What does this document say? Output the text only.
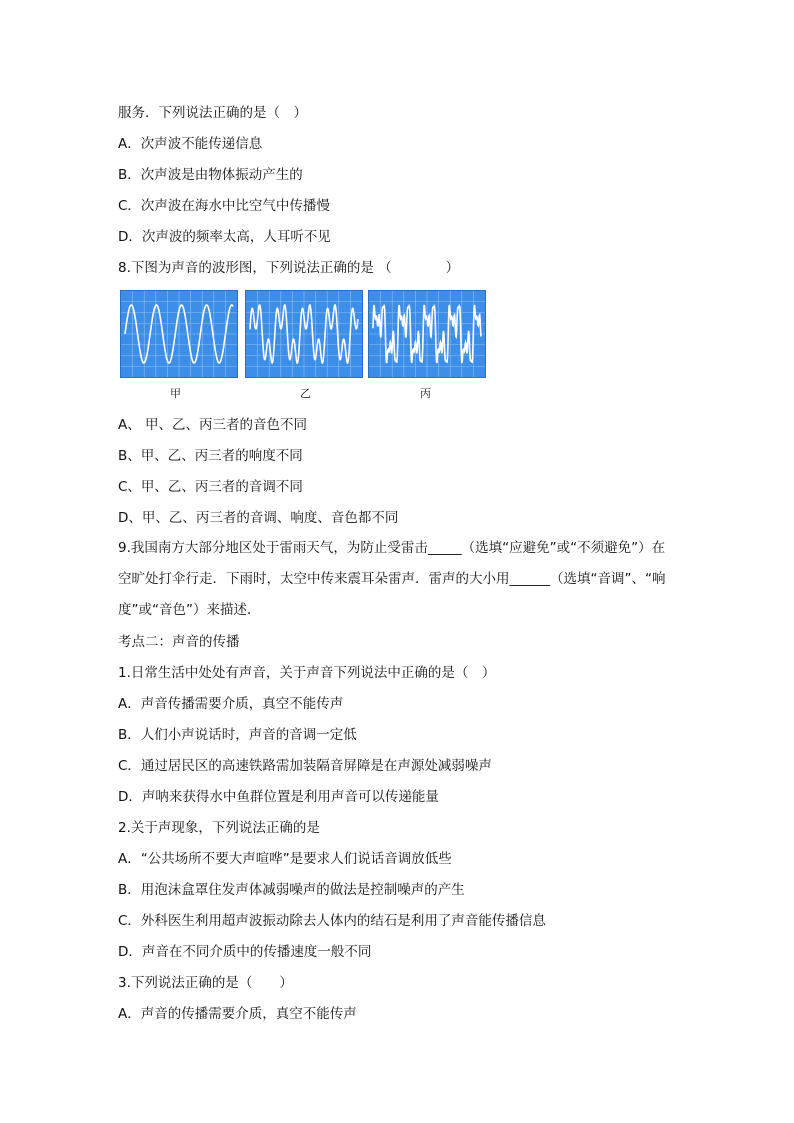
服务．下列说法正确的是（　）
A．次声波不能传递信息
B．次声波是由物体振动产生的
C．次声波在海水中比空气中传播慢
D．次声波的频率太高，人耳听不见
8.下图为声音的波形图，下列说法正确的是 （　　　　）
甲	乙	丙
A、 甲、乙、丙三者的音色不同
B、甲、乙、丙三者的响度不同
C、甲、乙、丙三者的音调不同
D、甲、乙、丙三者的音调、响度、音色都不同
9.我国南方大部分地区处于雷雨天气，为防止受雷击_____（选填“应避免”或“不须避免”）在空旷处打伞行走．下雨时，太空中传来震耳朵雷声．雷声的大小用______（选填“音调”、“响度”或“音色”）来描述．
考点二：声音的传播
1.日常生活中处处有声音，关于声音下列说法中正确的是（　）
A．声音传播需要介质，真空不能传声
B．人们小声说话时，声音的音调一定低
C．通过居民区的高速铁路需加装隔音屏障是在声源处减弱噪声
D．声呐来获得水中鱼群位置是利用声音可以传递能量
2.关于声现象，下列说法正确的是
A．“公共场所不要大声喧哗”是要求人们说话音调放低些
B．用泡沫盒罩住发声体减弱噪声的做法是控制噪声的产生
C．外科医生利用超声波振动除去人体内的结石是利用了声音能传播信息
D．声音在不同介质中的传播速度一般不同
3.下列说法正确的是（　　）
A．声音的传播需要介质，真空不能传声
